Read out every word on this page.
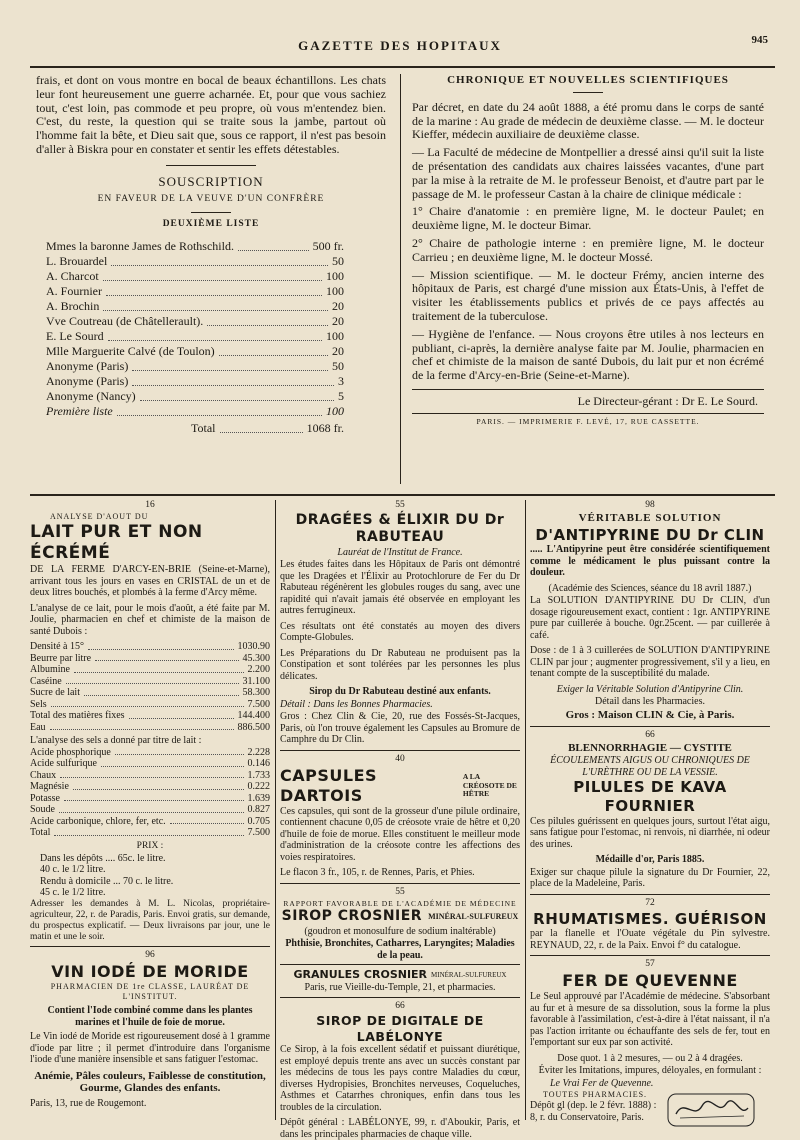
GAZETTE DES HOPITAUX	945

frais, et dont on vous montre en bocal de beaux échantillons. Les chats leur font heureusement une guerre acharnée. Et, pour que vous sachiez tout, c'est loin, pas commode et peu propre, où vous m'entendez bien. C'est, du reste, la question qui se traite sous la jambe, partout où l'homme fait la bête, et Dieu sait que, sous ce rapport, il n'est pas besoin d'aller à Biskra pour en constater et sentir les effets détestables.

SOUSCRIPTION
EN FAVEUR DE LA VEUVE D'UN CONFRÈRE
DEUXIÈME LISTE
Mmes la baronne James de Rothschild.	500 fr.
L. Brouardel	50
A. Charcot	100
A. Fournier	100
A. Brochin	20
Vve Coutreau (de Châtellerault).	20
E. Le Sourd	100
Mlle Marguerite Calvé (de Toulon)	20
Anonyme (Paris)	50
Anonyme (Paris)	3
Anonyme (Nancy)	5
Première liste	100
Total	1068 fr.
CHRONIQUE ET NOUVELLES SCIENTIFIQUES

Par décret, en date du 24 août 1888, a été promu dans le corps de santé de la marine : Au grade de médecin de deuxième classe. — M. le docteur Kieffer, médecin auxiliaire de deuxième classe.

— La Faculté de médecine de Montpellier a dressé ainsi qu'il suit la liste de présentation des candidats aux chaires laissées vacantes, d'une part par la mise à la retraite de M. le professeur Benoist, et d'autre part par le passage de M. le professeur Castan à la chaire de clinique médicale :

1° Chaire d'anatomie : en première ligne, M. le docteur Paulet; en deuxième ligne, M. le docteur Bimar.

2° Chaire de pathologie interne : en première ligne, M. le docteur Carrieu ; en deuxième ligne, M. le docteur Mossé.

— Mission scientifique. — M. le docteur Frémy, ancien interne des hôpitaux de Paris, est chargé d'une mission aux États-Unis, à l'effet de visiter les établissements publics et privés de ce pays affectés au traitement de la tuberculose.

— Hygiène de l'enfance. — Nous croyons être utiles à nos lecteurs en publiant, ci-après, la dernière analyse faite par M. Joulie, pharmacien en chef et chimiste de la maison de santé Dubois, du lait pur et non écrémé de la ferme d'Arcy-en-Brie (Seine-et-Marne).

Le Directeur-gérant : Dr E. Le Sourd.
PARIS. — IMPRIMERIE F. LEVÉ, 17, RUE CASSETTE.
16
ANALYSE D'AOUT DU
LAIT PUR ET NON ÉCRÉMÉ

DE LA FERME D'ARCY-EN-BRIE (Seine-et-Marne), arrivant tous les jours en vases en CRISTAL de un et de deux litres bouchés, et plombés à la ferme d'Arcy même.

L'analyse de ce lait, pour le mois d'août, a été faite par M. Joulie, pharmacien en chef et chimiste de la maison de santé Dubois :

Densité à 15°	1030.90
Beurre par litre	45.300
Albumine	2.200
Caséine	31.100
Sucre de lait	58.300
Sels	7.500
Total des matières fixes	144.400
Eau	886.500
L'analyse des sels a donné par titre de lait :
Acide phosphorique	2.228
Acide sulfurique	0.146
Chaux	1.733
Magnésie	0.222
Potasse	1.639
Soude	0.827
Acide carbonique, chlore, fer, etc.	0.705
Total	7.500
PRIX :
Dans les dépôts .... 65c. le litre.
40 c. le 1/2 litre.
Rendu à domicile ... 70 c. le litre.
45 c. le 1/2 litre.

Adresser les demandes à M. L. Nicolas, propriétaire-agriculteur, 22, r. de Paradis, Paris. Envoi gratis, sur demande, du prospectus explicatif. — Deux livraisons par jour, une le matin et une le soir.

96
VIN IODÉ DE MORIDE
PHARMACIEN DE 1re CLASSE, LAURÉAT DE L'INSTITUT.
Contient l'Iode combiné comme dans les plantes marines et l'huile de foie de morue.

Le Vin iodé de Moride est rigoureusement dosé à 1 gramme d'iode par litre ; il permet d'introduire dans l'organisme l'iode d'une manière insensible et sans fatiguer l'estomac.

Anémie, Pâles couleurs, Faiblesse de constitution, Gourme, Glandes des enfants.
Paris, 13, rue de Rougemont.
55
DRAGÉES & ÉLIXIR DU Dr RABUTEAU
Lauréat de l'Institut de France.

Les études faites dans les Hôpitaux de Paris ont démontré que les Dragées et l'Élixir au Protochlorure de Fer du Dr Rabuteau régénèrent les globules rouges du sang, avec une rapidité qui n'avait jamais été observée en employant les autres ferrugineux.

Ces résultats ont été constatés au moyen des divers Compte-Globules.

Les Préparations du Dr Rabuteau ne produisent pas la Constipation et sont tolérées par les personnes les plus délicates.

Sirop du Dr Rabuteau destiné aux enfants.
Détail : Dans les Bonnes Pharmacies.

Gros : Chez Clin & Cie, 20, rue des Fossés-St-Jacques, Paris, où l'on trouve également les Capsules au Bromure de Camphre du Dr Clin.

40
CAPSULES DARTOIS
A LA CRÉOSOTE DE HÊTRE

Ces capsules, qui sont de la grosseur d'une pilule ordinaire, contiennent chacune 0,05 de créosote vraie de hêtre et 0,20 d'huile de foie de morue. Elles constituent le meilleur mode d'administration de la créosote contre les affections des voies respiratoires.

Le flacon 3 fr., 105, r. de Rennes, Paris, et Phies.
55
RAPPORT FAVORABLE DE L'ACADÉMIE DE MÉDECINE
SIROP CROSNIER MINÉRAL-SULFUREUX
(goudron et monosulfure de sodium inaltérable)
Phthisie, Bronchites, Catharres, Laryngites; Maladies de la peau.
GRANULES CROSNIER MINÉRAL-SULFUREUX
Paris, rue Vieille-du-Temple, 21, et pharmacies.
66
SIROP DE DIGITALE DE LABÉLONYE

Ce Sirop, à la fois excellent sédatif et puissant diurétique, est employé depuis trente ans avec un succès constant par les médecins de tous les pays contre Maladies du cœur, diverses Hydropisies, Bronchites nerveuses, Coqueluches, Asthmes et Catarrhes chroniques, enfin dans tous les troubles de la circulation.

Dépôt général : LABÉLONYE, 99, r. d'Aboukir, Paris, et dans les principales pharmacies de chaque ville.

98
VÉRITABLE SOLUTION
D'ANTIPYRINE DU Dr CLIN

..... L'Antipyrine peut être considérée scientifiquement comme le médicament le plus puissant contre la douleur.

(Académie des Sciences, séance du 18 avril 1887.)

La SOLUTION D'ANTIPYRINE DU Dr CLIN, d'un dosage rigoureusement exact, contient : 1gr. ANTIPYRINE pure par cuillerée à bouche. 0gr.25cent. — par cuillerée à café.

Dose : de 1 à 3 cuillerées de SOLUTION D'ANTIPYRINE CLIN par jour ; augmenter progressivement, s'il y a lieu, en tenant compte de la susceptibilité du malade.

Exiger la Véritable Solution d'Antipyrine Clin.
Détail dans les Pharmacies.
Gros : Maison CLIN & Cie, à Paris.
66
BLENNORRHAGIE — CYSTITE
ÉCOULEMENTS AIGUS OU CHRONIQUES DE L'URÈTHRE OU DE LA VESSIE.
PILULES DE KAVA FOURNIER

Ces pilules guérissent en quelques jours, surtout l'état aigu, sans fatigue pour l'estomac, ni renvois, ni diarrhée, ni odeur des urines.

Médaille d'or, Paris 1885.

Exiger sur chaque pilule la signature du Dr Fournier, 22, place de la Madeleine, Paris.

72
RHUMATISMES. GUÉRISON

par la flanelle et l'Ouate végétale du Pin sylvestre. REYNAUD, 22, r. de la Paix. Envoi f° du catalogue.

57
FER DE QUEVENNE

Le Seul approuvé par l'Académie de médecine. S'absorbant au fur et à mesure de sa dissolution, sous la forme la plus favorable à l'assimilation, c'est-à-dire à l'état naissant, il n'a pas l'action irritante ou échauffante des sels de fer, tout en l'emportant sur eux par son activité.

Dose quot. 1 à 2 mesures, — ou 2 à 4 dragées.
Éviter les Imitations, impures, déloyales, en formulant :
Le Vrai Fer de Quevenne.
TOUTES PHARMACIES.
Dépôt gl (dep. le 2 févr. 1888) : 8, r. du Conservatoire, Paris.
